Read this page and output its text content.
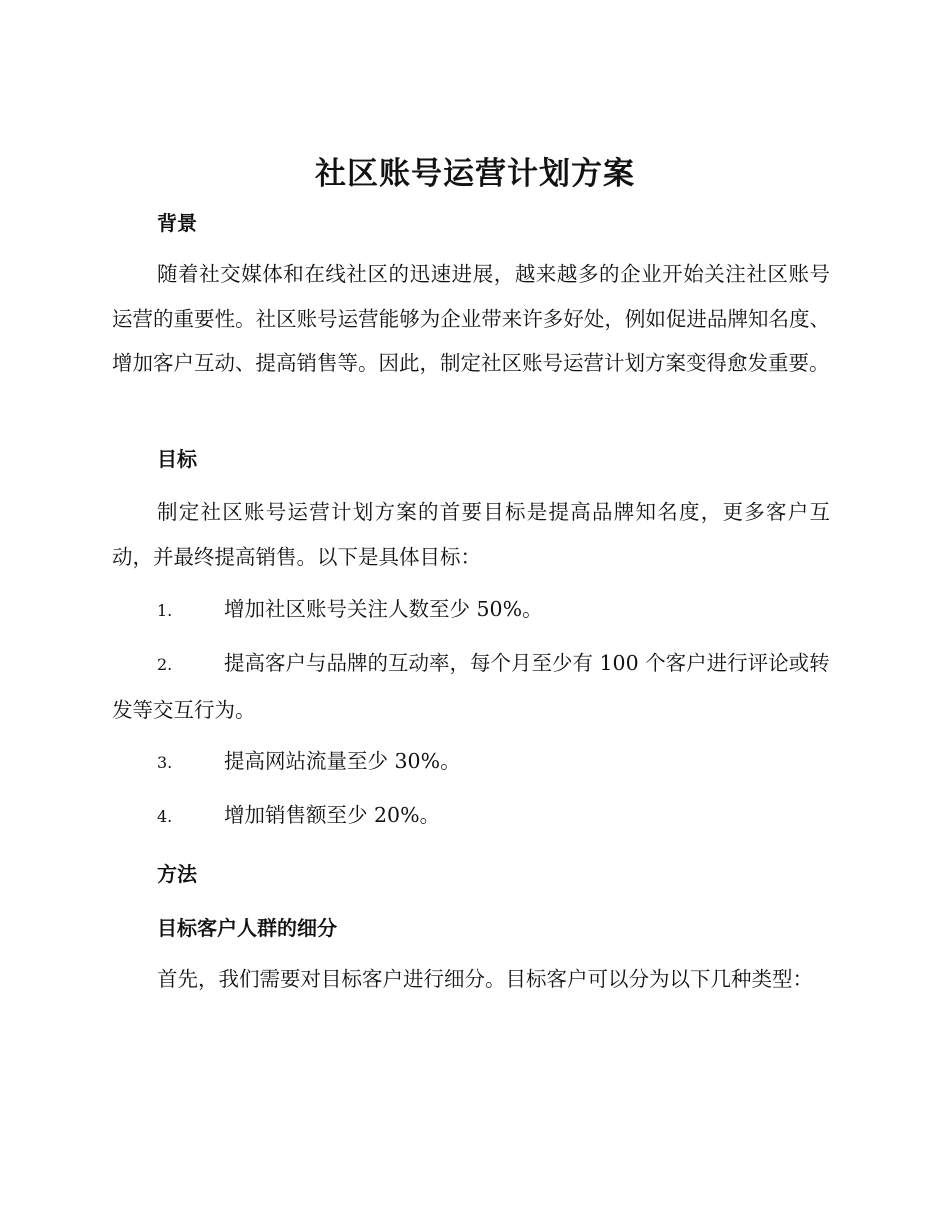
社区账号运营计划方案
背景

随着社交媒体和在线社区的迅速进展，越来越多的企业开始关注社区账号运营的重要性。社区账号运营能够为企业带来许多好处，例如促进品牌知名度、增加客户互动、提高销售等。因此，制定社区账号运营计划方案变得愈发重要。

目标

制定社区账号运营计划方案的首要目标是提高品牌知名度，更多客户互动，并最终提高销售。以下是具体目标：

1.	增加社区账号关注人数至少 50%。
2.	提高客户与品牌的互动率，每个月至少有 100 个客户进行评论或转发等交互行为。
3.	提高网站流量至少 30%。
4.	增加销售额至少 20%。
方法
目标客户人群的细分

首先，我们需要对目标客户进行细分。目标客户可以分为以下几种类型：
